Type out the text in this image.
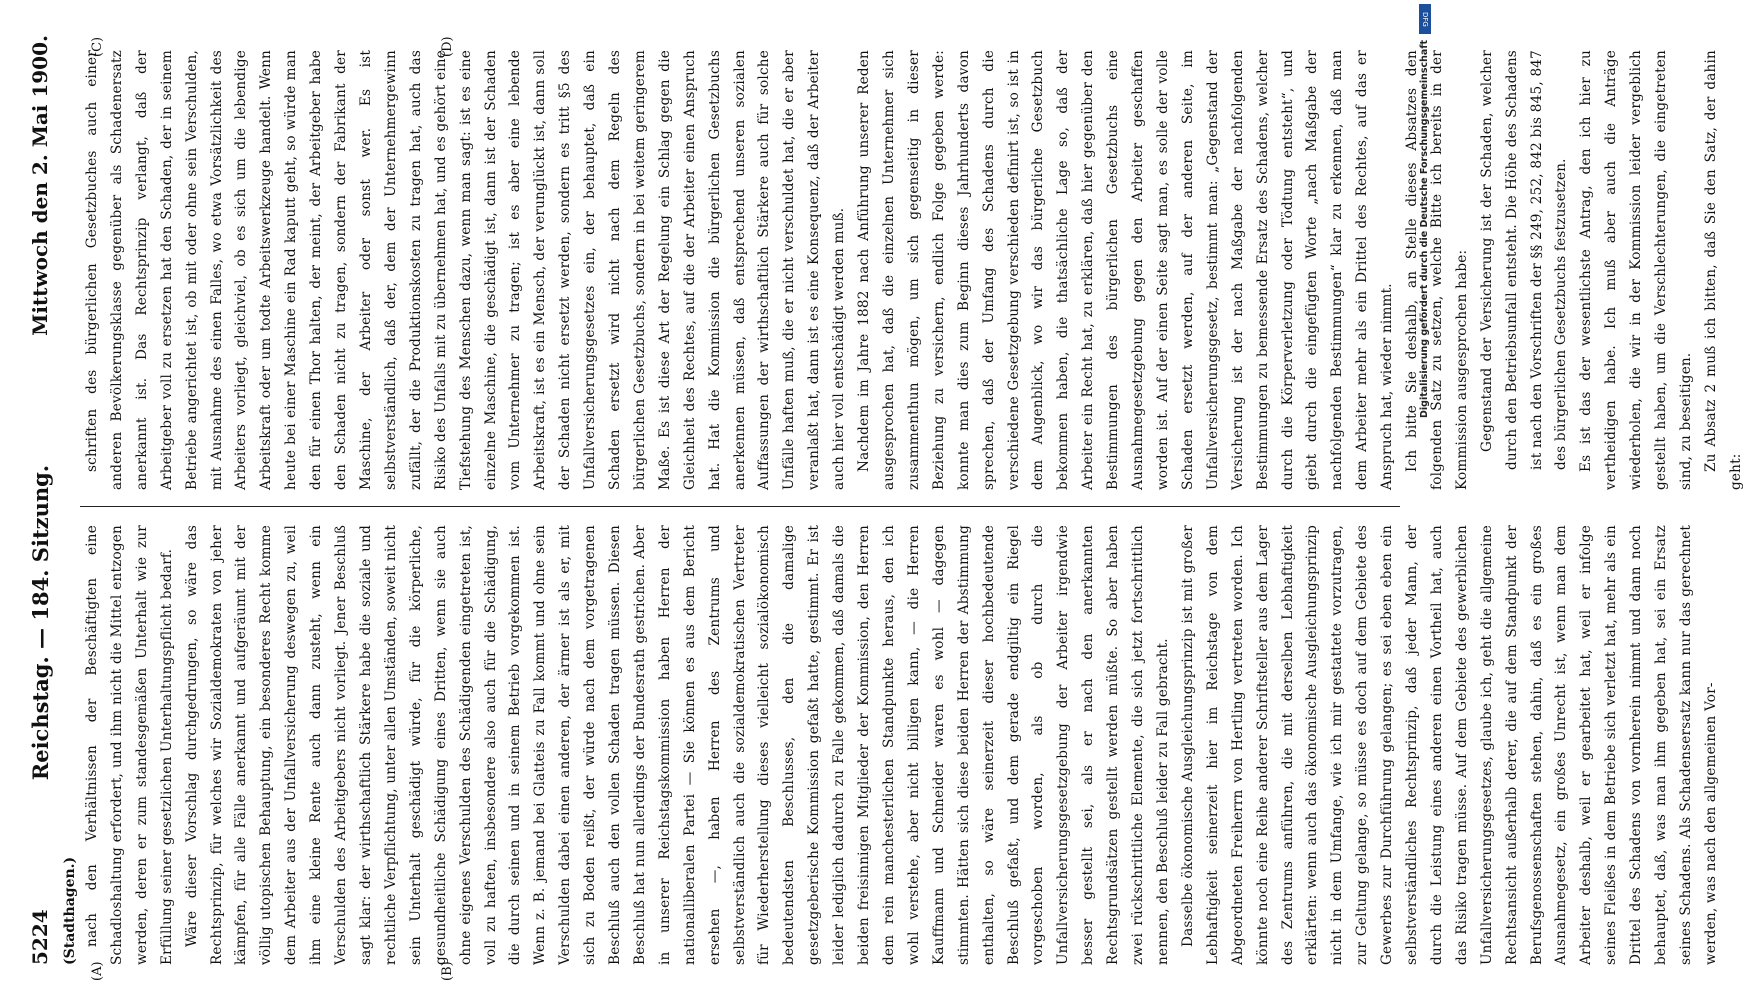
5224
Reichstag. — 184. Sitzung.
Mittwoch den 2. Mai 1900.
(Stadthagen.)
(A)	(B)
(C)	(D)

nach den Verhältnissen der Beschäftigten eine Schadloshaltung erfordert, und ihm nicht die Mittel entzogen werden, deren er zum standesgemäßen Unterhalt wie zur Erfüllung seiner gesetzlichen Unterhaltungspflicht bedarf. Wäre dieser Vorschlag durchgedrungen, so wäre das Rechtsprinzip, für welches wir Sozialdemokraten von jeher kämpfen, für alle Fälle anerkannt und aufgeräumt mit der völlig utopischen Behauptung, ein besonderes Recht komme dem Arbeiter aus der Unfallversicherung deswegen zu, weil ihm eine kleine Rente auch dann zusteht, wenn ein Verschulden des Arbeitgebers nicht vorliegt. Jener Beschluß sagt klar: der wirthschaftlich Stärkere habe die soziale und rechtliche Verpflichtung, unter allen Umständen, soweit nicht sein Unterhalt geschädigt würde, für die körperliche, gesundheitliche Schädigung eines Dritten, wenn sie auch ohne eigenes Verschulden des Schädigenden eingetreten ist, voll zu haften, insbesondere also auch für die Schädigung, die durch seinen und in seinem Betrieb vorgekommen ist. Wenn z. B. jemand bei Glatteis zu Fall kommt und ohne sein Verschulden dabei einen anderen, der ärmer ist als er, mit sich zu Boden reißt, der würde nach dem vorgetragenen Beschluß auch den vollen Schaden tragen müssen. Diesen Beschluß hat nun allerdings der Bundesrath gestrichen. Aber in unserer Reichstagskommission haben Herren der nationalliberalen Partei — Sie können es aus dem Bericht ersehen —, haben Herren des Zentrums und selbstverständlich auch die sozialdemokratischen Vertreter für Wiederherstellung dieses vielleicht sozialökonomisch bedeutendsten Beschlusses, den die damalige gesetzgeberische Kommission gefaßt hatte, gestimmt. Er ist leider lediglich dadurch zu Falle gekommen, daß damals die beiden freisinnigen Mitglieder der Kommission, den Herren dem rein manchesterlichen Standpunkte heraus, den ich wohl verstehe, aber nicht billigen kann, — die Herren Kauffmann und Schneider waren es wohl — dagegen stimmten. Hätten sich diese beiden Herren der Abstimmung enthalten, so wäre seinerzeit dieser hochbedeutende Beschluß gefaßt, und dem gerade endgiltig ein Riegel vorgeschoben worden, als ob durch die Unfallversicherungsgesetzgebung der Arbeiter irgendwie besser gestellt sei, als er nach den anerkannten Rechtsgrundsätzen gestellt werden müßte. So aber haben zwei rückschrittliche Elemente, die sich jetzt fortschrittlich nennen, den Beschluß leider zu Fall gebracht. Dasselbe ökonomische Ausgleichungsprinzip ist mit großer Lebhaftigkeit seinerzeit hier im Reichstage von dem Abgeordneten Freiherrn von Hertling vertreten worden. Ich könnte noch eine Reihe anderer Schriftsteller aus dem Lager des Zentrums anführen, die mit derselben Lebhaftigkeit erklärten: wenn auch das ökonomische Ausgleichungsprinzip nicht in dem Umfange, wie ich mir gestattete vorzutragen, zur Geltung gelange, so müsse es doch auf dem Gebiete des Gewerbes zur Durchführung gelangen; es sei eben eben ein selbstverständliches Rechtsprinzip, daß jeder Mann, der durch die Leistung eines anderen einen Vortheil hat, auch das Risiko tragen müsse. Auf dem Gebiete des gewerblichen Unfallversicherungsgesetzes, glaube ich, geht die allgemeine Rechtsansicht außerhalb derer, die auf dem Standpunkt der Berufsgenossenschaften stehen, dahin, daß es ein großes Ausnahmegesetz, ein großes Unrecht ist, wenn man dem Arbeiter deshalb, weil er gearbeitet hat, weil er infolge seines Fleißes in dem Betriebe sich verletzt hat, mehr als ein Drittel des Schadens von vornherein nimmt und dann noch behauptet, daß, was man ihm gegeben hat, sei ein Ersatz seines Schadens. Als Schadensersatz kann nur das gerechnet werden, was nach den allgemeinen Vor-

schriften des bürgerlichen Gesetzbuches auch einer anderen Bevölkerungsklasse gegenüber als Schadenersatz anerkannt ist. Das Rechtsprinzip verlangt, daß der Arbeitgeber voll zu ersetzen hat den Schaden, der in seinem Betriebe angerichtet ist, ob mit oder ohne sein Verschulden, mit Ausnahme des einen Falles, wo etwa Vorsätzlichkeit des Arbeiters vorliegt, gleichviel, ob es sich um die lebendige Arbeitskraft oder um todte Arbeitswerkzeuge handelt. Wenn heute bei einer Maschine ein Rad kaputt geht, so würde man den für einen Thor halten, der meint, der Arbeitgeber habe den Schaden nicht zu tragen, sondern der Fabrikant der Maschine, der Arbeiter oder sonst wer. Es ist selbstverständlich, daß der, dem der Unternehmergewinn zufällt, der die Produktionskosten zu tragen hat, auch das Risiko des Unfalls mit zu übernehmen hat, und es gehört eine Tiefstehung des Menschen dazu, wenn man sagt: ist es eine einzelne Maschine, die geschädigt ist, dann ist der Schaden vom Unternehmer zu tragen; ist es aber eine lebende Arbeitskraft, ist es ein Mensch, der verunglückt ist, dann soll der Schaden nicht ersetzt werden, sondern es tritt §5 des Unfallversicherungsgesetzes ein, der behauptet, daß ein Schaden ersetzt wird nicht nach dem Regeln des bürgerlichen Gesetzbuchs, sondern in bei weitem geringerem Maße. Es ist diese Art der Regelung ein Schlag gegen die Gleichheit des Rechtes, auf die der Arbeiter einen Anspruch hat. Hat die Kommission die bürgerlichen Gesetzbuchs anerkennen müssen, daß entsprechend unseren sozialen Auffassungen der wirthschaftlich Stärkere auch für solche Unfälle haften muß, die er nicht verschuldet hat, die er aber veranlaßt hat, dann ist es eine Konsequenz, daß der Arbeiter auch hier voll entschädigt werden muß. Nachdem im Jahre 1882 nach Anführung unserer Reden ausgesprochen hat, daß die einzelnen Unternehmer sich zusammenthun mögen, um sich gegenseitig in dieser Beziehung zu versichern, endlich Folge gegeben werde: konnte man dies zum Beginn dieses Jahrhunderts davon sprechen, daß der Umfang des Schadens durch die verschiedene Gesetzgebung verschieden definirt ist, so ist in dem Augenblick, wo wir das bürgerliche Gesetzbuch bekommen haben, die thatsächliche Lage so, daß der Arbeiter ein Recht hat, zu erklären, daß hier gegenüber den Bestimmungen des bürgerlichen Gesetzbuchs eine Ausnahmegesetzgebung gegen den Arbeiter geschaffen worden ist. Auf der einen Seite sagt man, es solle der volle Schaden ersetzt werden, auf der anderen Seite, im Unfallversicherungsgesetz, bestimmt man: „Gegenstand der Versicherung ist der nach Maßgabe der nachfolgenden Bestimmungen zu bemessende Ersatz des Schadens, welcher durch die Körperverletzung oder Tödtung entsteht“, und giebt durch die eingefügten Worte „nach Maßgabe der nachfolgenden Bestimmungen“ klar zu erkennen, daß man dem Arbeiter mehr als ein Drittel des Rechtes, auf das er Anspruch hat, wieder nimmt. Ich bitte Sie deshalb, an Stelle dieses Absatzes den folgenden Satz zu setzen, welche Bitte ich bereits in der Kommission ausgesprochen habe: Gegenstand der Versicherung ist der Schaden, welcher durch den Betriebsunfall entsteht. Die Höhe des Schadens ist nach den Vorschriften der §§ 249, 252, 842 bis 845, 847 des bürgerlichen Gesetzbuchs festzusetzen. Es ist das der wesentlichste Antrag, den ich hier zu vertheidigen habe. Ich muß aber auch die Anträge wiederholen, die wir in der Kommission leider vergeblich gestellt haben, um die Verschlechterungen, die eingetreten sind, zu beseitigen. Zu Absatz 2 muß ich bitten, daß Sie den Satz, der dahin geht:

DFG
Digitalisierung gefördert durch die Deutsche Forschungsgemeinschaft
